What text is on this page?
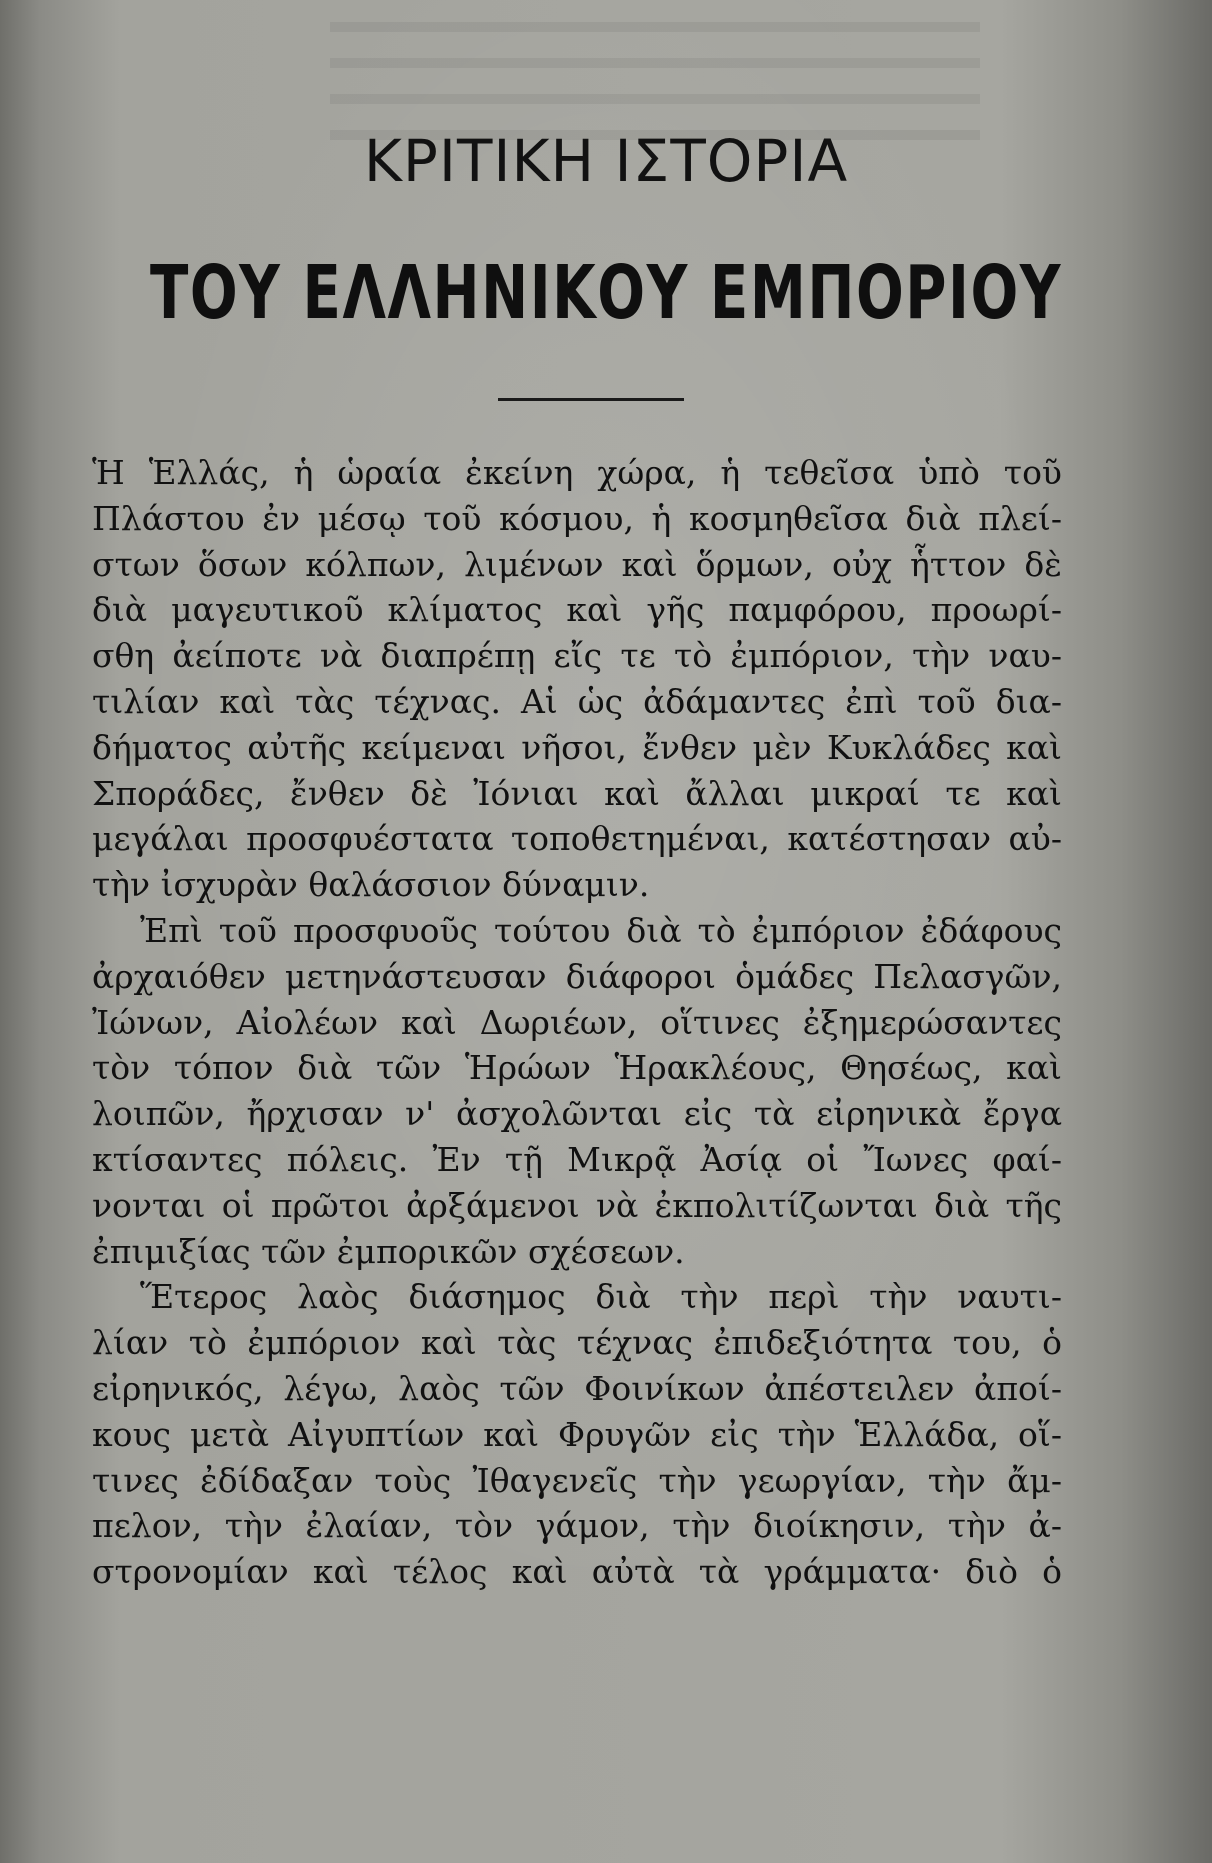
ΚΡΙΤΙΚΗ ΙΣΤΟΡΙΑ
ΤΟΥ ΕΛΛΗΝΙΚΟΥ ΕΜΠΟΡΙΟΥ
Ἡ Ἑλλάς, ἡ ὡραία ἐκείνη χώρα, ἡ τεθεῖσα ὑπὸ τοῦ
Πλάστου ἐν μέσῳ τοῦ κόσμου, ἡ κοσμηθεῖσα διὰ πλεί-
στων ὅσων κόλπων, λιμένων καὶ ὅρμων, οὐχ ἧττον δὲ
διὰ μαγευτικοῦ κλίματος καὶ γῆς παμφόρου, προωρί-
σθη ἀείποτε νὰ διαπρέπῃ εἴς τε τὸ ἐμπόριον, τὴν ναυ-
τιλίαν καὶ τὰς τέχνας. Αἱ ὡς ἀδάμαντες ἐπὶ τοῦ δια-
δήματος αὐτῆς κείμεναι νῆσοι, ἔνθεν μὲν Κυκλάδες καὶ
Σποράδες, ἔνθεν δὲ Ἰόνιαι καὶ ἄλλαι μικραί τε καὶ
μεγάλαι προσφυέστατα τοποθετημέναι, κατέστησαν αὐ-
τὴν ἰσχυρὰν θαλάσσιον δύναμιν.
Ἐπὶ τοῦ προσφυοῦς τούτου διὰ τὸ ἐμπόριον ἐδάφους
ἀρχαιόθεν μετηνάστευσαν διάφοροι ὁμάδες Πελασγῶν,
Ἰώνων, Αἰολέων καὶ Δωριέων, οἵτινες ἐξημερώσαντες
τὸν τόπον διὰ τῶν Ἡρώων Ἡρακλέους, Θησέως, καὶ
λοιπῶν, ἤρχισαν ν' ἀσχολῶνται εἰς τὰ εἰρηνικὰ ἔργα
κτίσαντες πόλεις. Ἐν τῇ Μικρᾷ Ἀσίᾳ οἱ Ἴωνες φαί-
νονται οἱ πρῶτοι ἀρξάμενοι νὰ ἐκπολιτίζωνται διὰ τῆς
ἐπιμιξίας τῶν ἐμπορικῶν σχέσεων.
Ἕτερος λαὸς διάσημος διὰ τὴν περὶ τὴν ναυτι-
λίαν τὸ ἐμπόριον καὶ τὰς τέχνας ἐπιδεξιότητα του, ὁ
εἰρηνικός, λέγω, λαὸς τῶν Φοινίκων ἀπέστειλεν ἀποί-
κους μετὰ Αἰγυπτίων καὶ Φρυγῶν εἰς τὴν Ἑλλάδα, οἵ-
τινες ἐδίδαξαν τοὺς Ἰθαγενεῖς τὴν γεωργίαν, τὴν ἄμ-
πελον, τὴν ἐλαίαν, τὸν γάμον, τὴν διοίκησιν, τὴν ἀ-
στρονομίαν καὶ τέλος καὶ αὐτὰ τὰ γράμματα· διὸ ὁ
